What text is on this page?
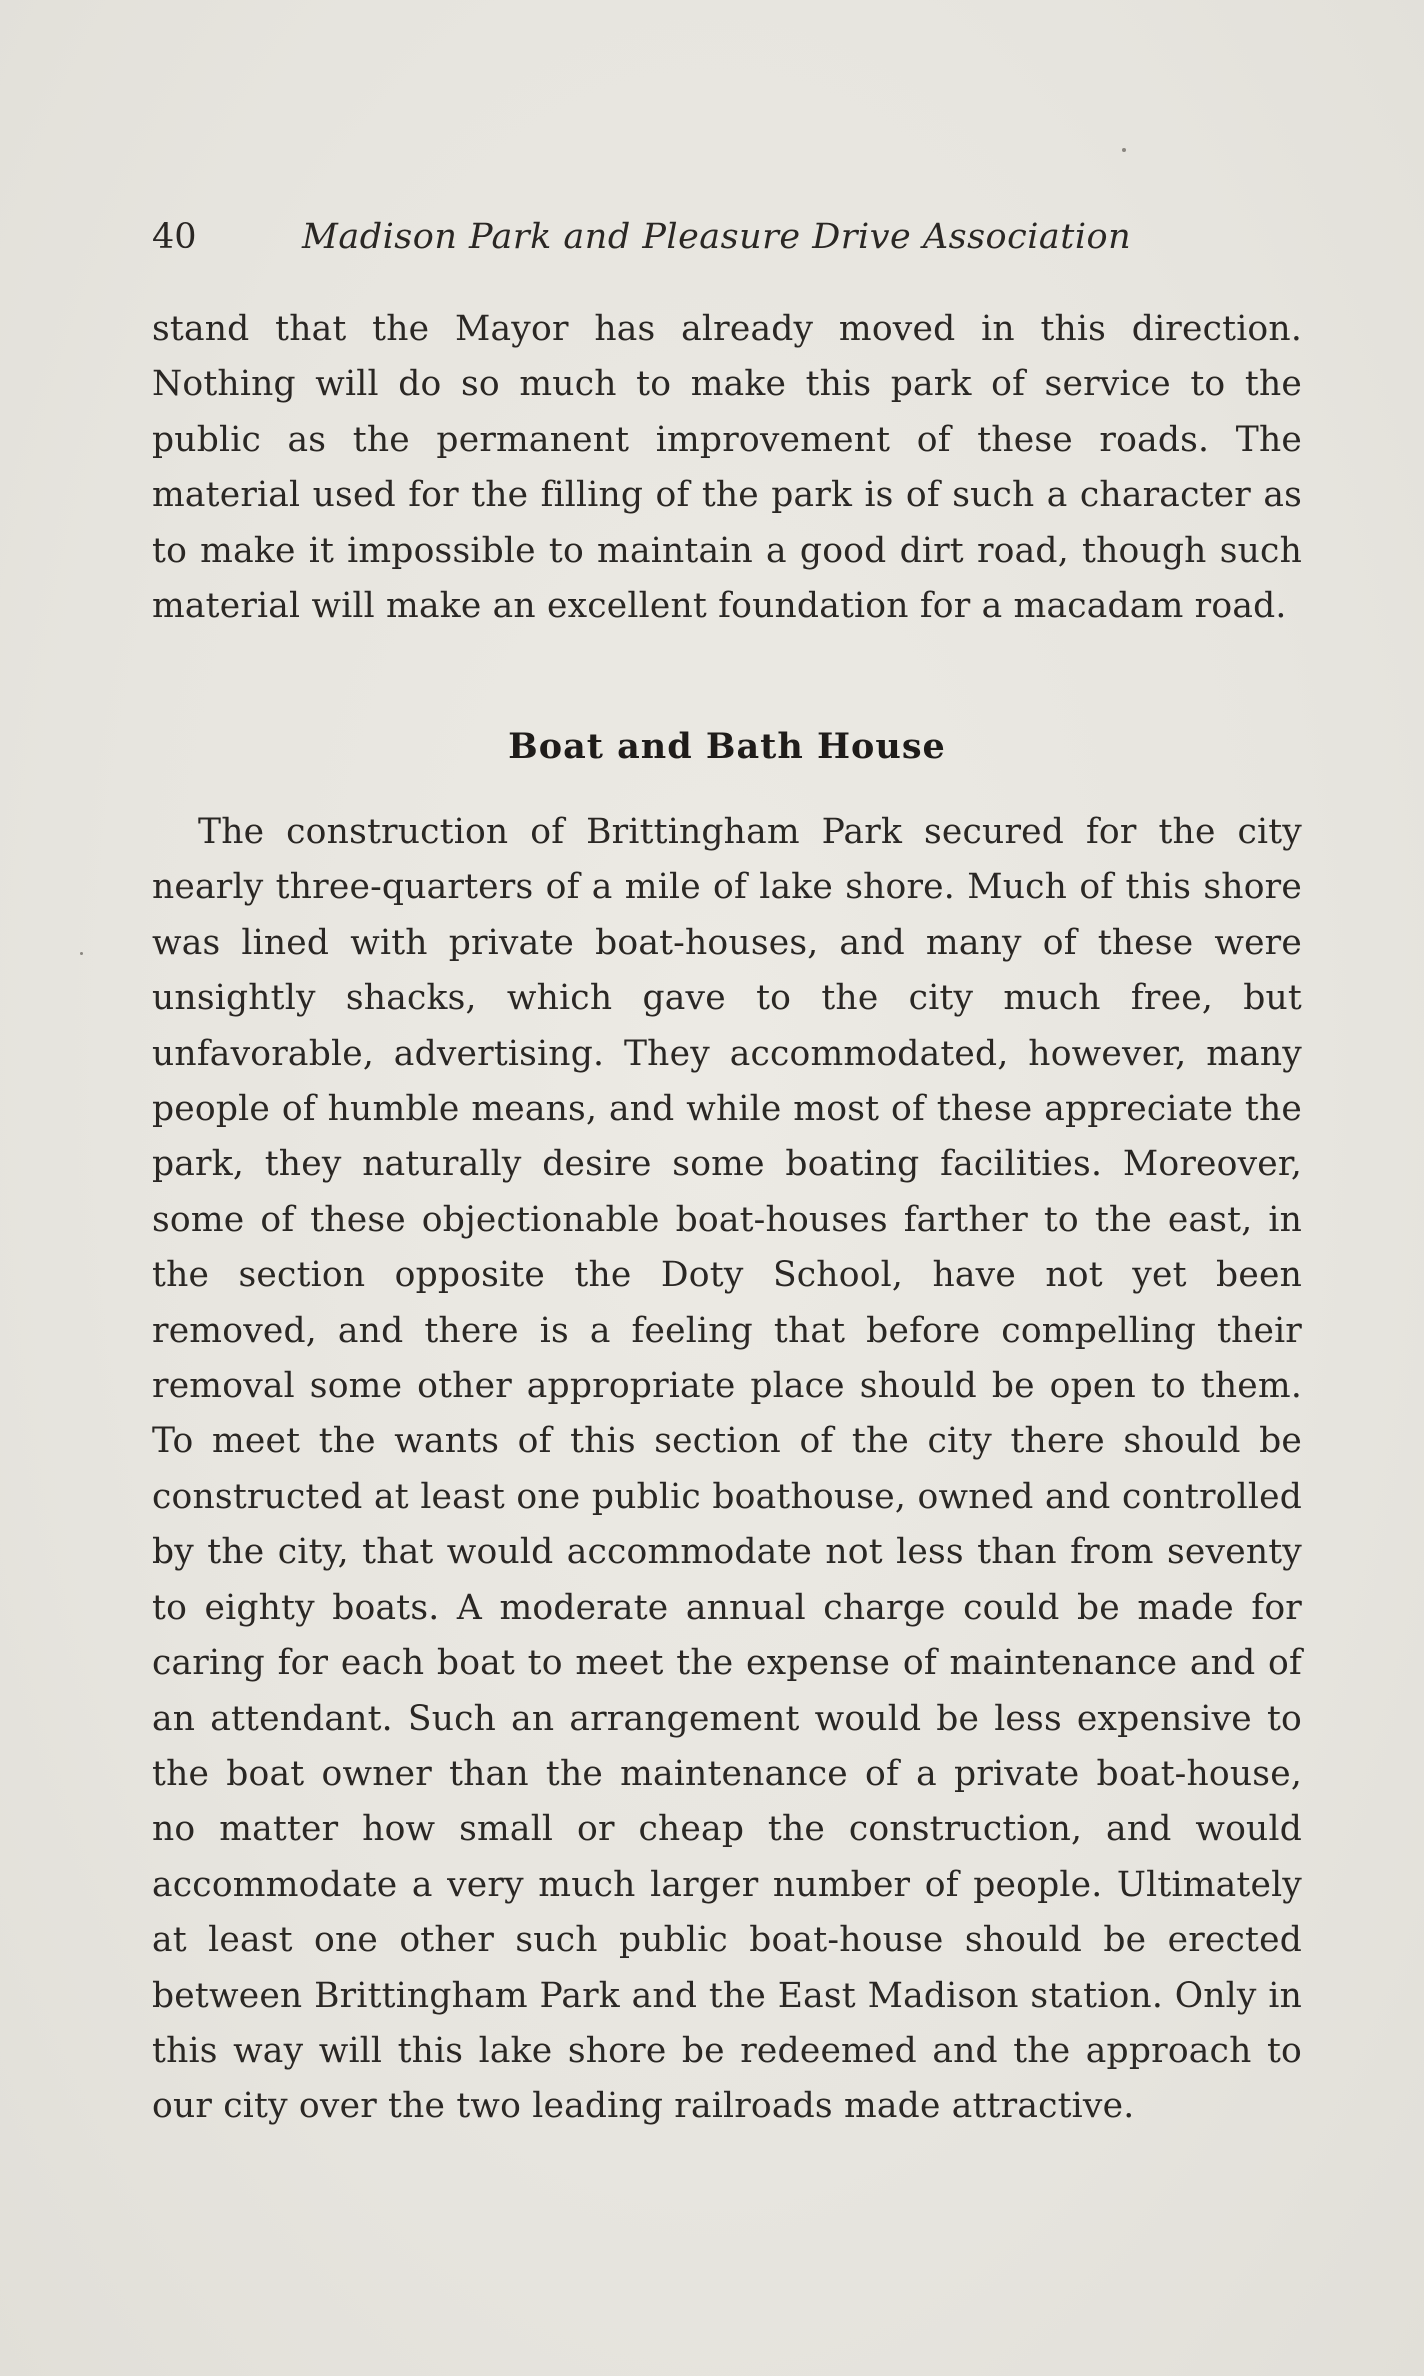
40	Madison Park and Pleasure Drive Association

stand that the Mayor has already moved in this direction. Nothing will do so much to make this park of service to the public as the permanent improvement of these roads. The material used for the filling of the park is of such a character as to make it impossible to maintain a good dirt road, though such material will make an excellent foundation for a macadam road.

Boat and Bath House

The construction of Brittingham Park secured for the city nearly three-quarters of a mile of lake shore. Much of this shore was lined with private boat-houses, and many of these were unsightly shacks, which gave to the city much free, but unfavorable, advertising. They accommodated, however, many people of humble means, and while most of these appreciate the park, they naturally desire some boating facilities. Moreover, some of these objectionable boat-houses farther to the east, in the section opposite the Doty School, have not yet been removed, and there is a feeling that before compelling their removal some other appropriate place should be open to them. To meet the wants of this section of the city there should be constructed at least one public boathouse, owned and controlled by the city, that would accommodate not less than from seventy to eighty boats. A moderate annual charge could be made for caring for each boat to meet the expense of maintenance and of an attendant. Such an arrangement would be less expensive to the boat owner than the maintenance of a private boat-house, no matter how small or cheap the construction, and would accommodate a very much larger number of people. Ultimately at least one other such public boat-house should be erected between Brittingham Park and the East Madison station. Only in this way will this lake shore be redeemed and the approach to our city over the two leading railroads made attractive.
